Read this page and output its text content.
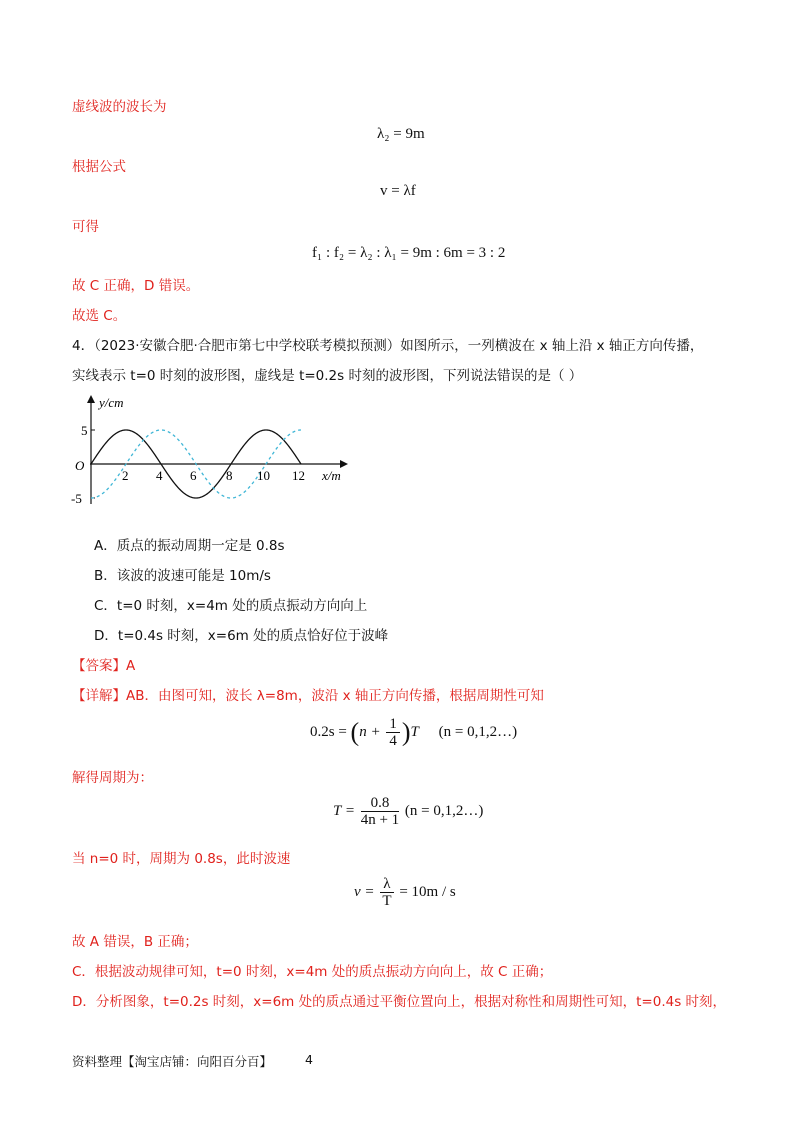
虚线波的波长为
λ₂ = 9m
根据公式
v = λf
可得
f₁ : f₂ = λ₂ : λ₁ = 9m : 6m = 3 : 2
故 C 正确，D 错误。
故选 C。
4．（2023·安徽合肥·合肥市第七中学校联考模拟预测）如图所示，一列横波在 x 轴上沿 x 轴正方向传播，
实线表示 t=0 时刻的波形图，虚线是 t=0.2s 时刻的波形图，下列说法错误的是（ ）
y/cm
x/m
O
5
-5
2 4 6 8 10 12
A．质点的振动周期一定是 0.8s
B．该波的波速可能是 10m/s
C．t=0 时刻，x=4m 处的质点振动方向向上
D．t=0.4s 时刻，x=6m 处的质点恰好位于波峰
【答案】A
【详解】AB．由图可知，波长 λ=8m，波沿 x 轴正方向传播，根据周期性可知
$0.2s = (n + \frac{1}{4} )T$ (n = 0,1,2…)
解得周期为：
$T = \frac{0.8}{4n + 1} (n$ = 0,1,2…)
当 n=0 时，周期为 0.8s，此时波速
$v = \frac{\lambda}{T} = 10m / s$
故 A 错误，B 正确；
C．根据波动规律可知，t=0 时刻，x=4m 处的质点振动方向向上，故 C 正确；
D．分析图象，t=0.2s 时刻，x=6m 处的质点通过平衡位置向上，根据对称性和周期性可知，t=0.4s 时刻，
资料整理【淘宝店铺：向阳百分百】	4
